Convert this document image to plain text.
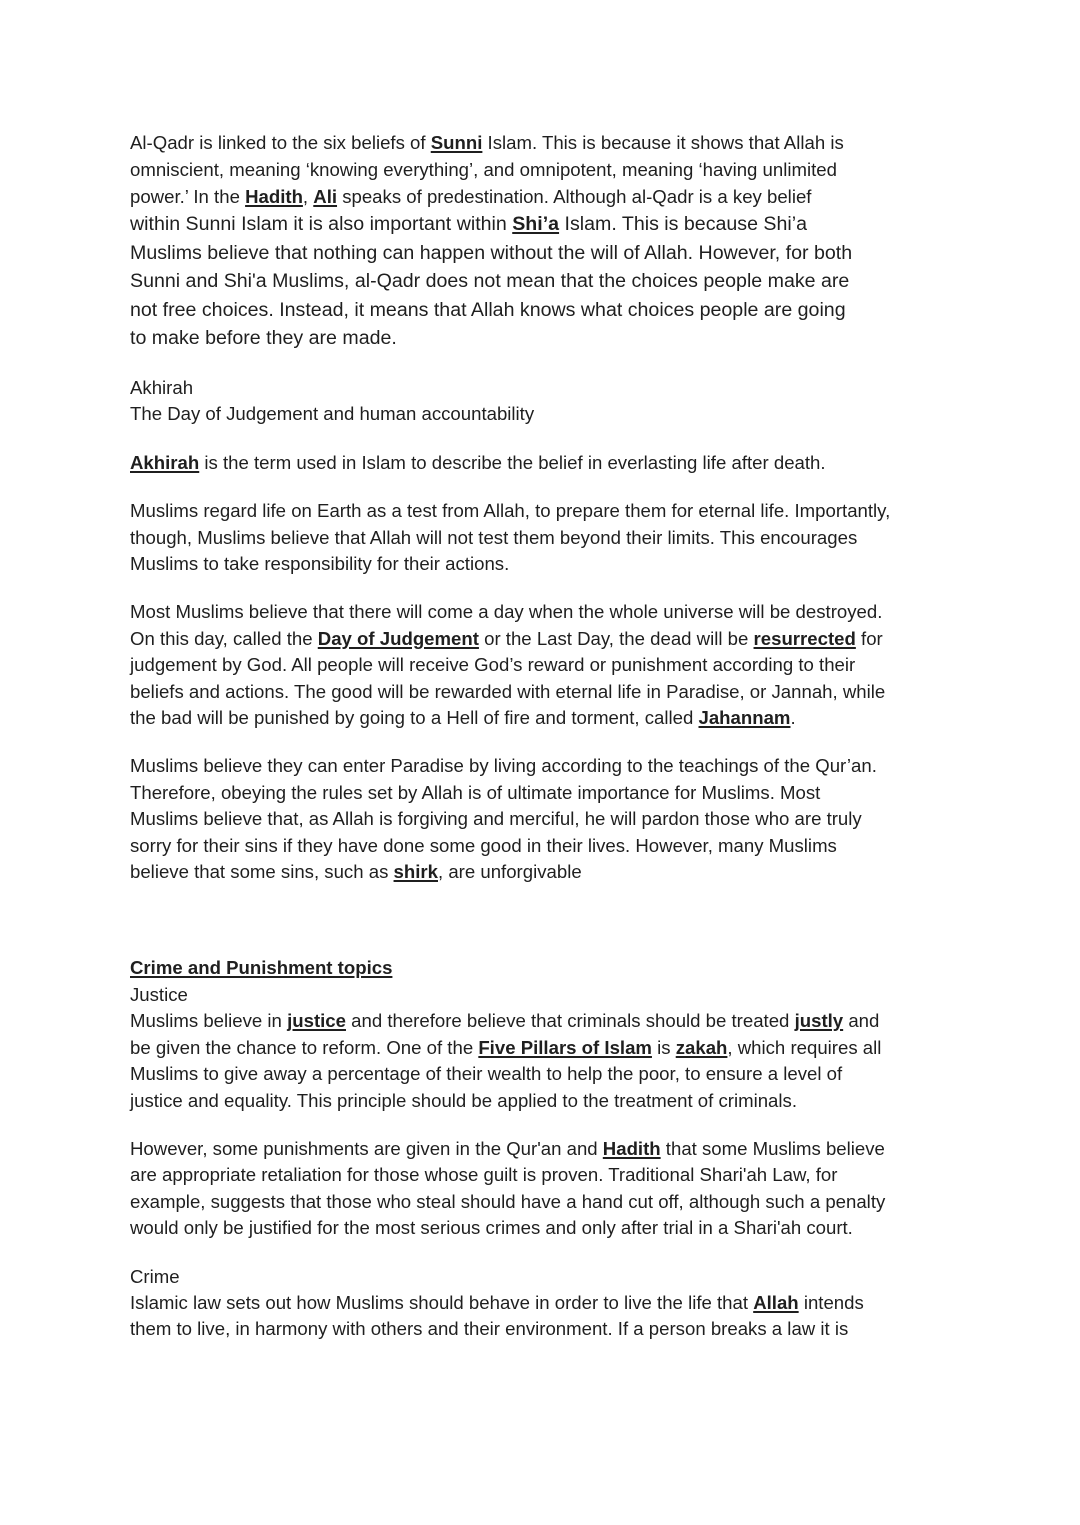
Al-Qadr is linked to the six beliefs of Sunni Islam. This is because it shows that Allah is
omniscient, meaning ‘knowing everything’, and omnipotent, meaning ‘having unlimited
power.’ In the Hadith, Ali speaks of predestination. Although al-Qadr is a key belief
within Sunni Islam it is also important within Shi’a Islam. This is because Shi’a
Muslims believe that nothing can happen without the will of Allah. However, for both
Sunni and Shi'a Muslims, al-Qadr does not mean that the choices people make are
not free choices. Instead, it means that Allah knows what choices people are going
to make before they are made.

Akhirah

The Day of Judgement and human accountability

Akhirah is the term used in Islam to describe the belief in everlasting life after death.

Muslims regard life on Earth as a test from Allah, to prepare them for eternal life. Importantly,
though, Muslims believe that Allah will not test them beyond their limits. This encourages
Muslims to take responsibility for their actions.

Most Muslims believe that there will come a day when the whole universe will be destroyed.
On this day, called the Day of Judgement or the Last Day, the dead will be resurrected for
judgement by God. All people will receive God’s reward or punishment according to their
beliefs and actions. The good will be rewarded with eternal life in Paradise, or Jannah, while
the bad will be punished by going to a Hell of fire and torment, called Jahannam.

Muslims believe they can enter Paradise by living according to the teachings of the Qur’an.
Therefore, obeying the rules set by Allah is of ultimate importance for Muslims. Most
Muslims believe that, as Allah is forgiving and merciful, he will pardon those who are truly
sorry for their sins if they have done some good in their lives. However, many Muslims
believe that some sins, such as shirk, are unforgivable

Crime and Punishment topics

Justice

Muslims believe in justice and therefore believe that criminals should be treated justly and
be given the chance to reform. One of the Five Pillars of Islam is zakah, which requires all
Muslims to give away a percentage of their wealth to help the poor, to ensure a level of
justice and equality. This principle should be applied to the treatment of criminals.

However, some punishments are given in the Qur'an and Hadith that some Muslims believe
are appropriate retaliation for those whose guilt is proven. Traditional Shari'ah Law, for
example, suggests that those who steal should have a hand cut off, although such a penalty
would only be justified for the most serious crimes and only after trial in a Shari'ah court.

Crime

Islamic law sets out how Muslims should behave in order to live the life that Allah intends
them to live, in harmony with others and their environment. If a person breaks a law it is
